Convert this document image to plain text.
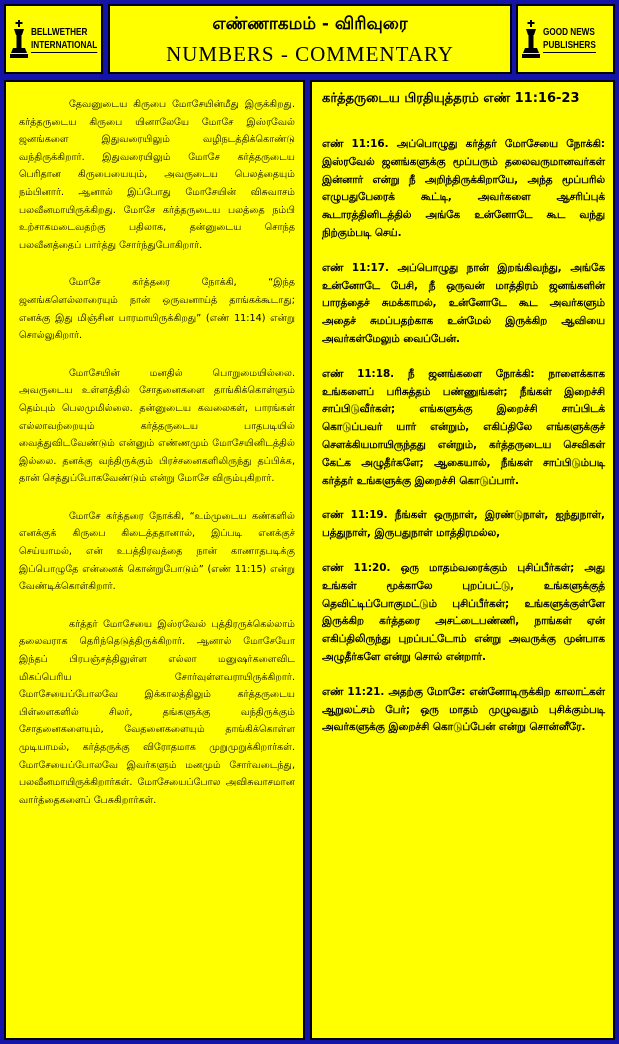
BELLWETHER
INTERNATIONAL
எண்ணாகமம் - விரிவுரை
NUMBERS - COMMENTARY
GOOD NEWS
PUBLISHERS

தேவனுடைய கிருபை மோசேயின்மீது இருக்கிறது. கர்த்தருடைய கிருபை யினாலேயே மோசே இஸ்ரவேல் ஜனங்களை இதுவரையிலும் வழிநடத்திக்கொண்டு வந்திருக்கிறார். இதுவரையிலும் மோசே கர்த்தருடைய பெரிதான கிருபையையும், அவருடைய பெலத்தையும் நம்பினார். ஆனால் இப்போது மோசேயின் விசுவாசம் பலவீனமாயிருக்கிறது. மோசே கர்த்தருடைய பலத்தை நம்பி உற்சாகமடைவதற்கு பதிலாக, தன்னுடைய சொந்த பலவீனத்தைப் பார்த்து சோர்ந்துபோகிறார்.

மோசே கர்த்தரை நோக்கி, “இந்த ஜனங்களெல்லாரையும் நான் ஒருவனாய்த் தாங்கக்கூடாது; எனக்கு இது மிஞ்சின பாரமாயிருக்கிறது” (எண் 11:14) என்று சொல்லுகிறார்.

மோசேயின் மனதில் பொறுமையில்லை. அவருடைய உள்ளத்தில் சோதனைகளை தாங்கிக்கொள்ளும் தெம்பும் பெலமுமில்லை. தன்னுடைய கவலைகள், பாரங்கள் எல்லாவற்றையும் கர்த்தருடைய பாதபடியில் வைத்துவிடவேண்டும் என்னும் எண்ணமும் மோசேயினிடத்தில் இல்லை. தனக்கு வந்திருக்கும் பிரச்சனைகளிலிருந்து தப்பிக்க, தான் செத்துப்போகவேண்டும் என்று மோசே விரும்புகிறார்.

மோசே கர்த்தரை நோக்கி, “உம்முடைய கண்களில் எனக்குக் கிருபை கிடைத்ததானால், இப்படி எனக்குச் செய்யாமல், என் உபத்திரவத்தை நான் காணாதபடிக்கு இப்பொழுதே என்னைக் கொன்றுபோடும்” (எண் 11:15) என்று வேண்டிக்கொள்கிறார்.

கர்த்தர் மோசேயை இஸ்ரவேல் புத்திரருக்கெல்லாம் தலைவராக தெரிந்தெடுத்திருக்கிறார். ஆனால் மோசேயோ இந்தப் பிரபஞ்சத்திலுள்ள எல்லா மனுஷர்களைவிட மிகப்பெரிய சோர்வுள்ளவராயிருக்கிறார். மோசேயைப்போலவே இக்காலத்திலும் கர்த்தருடைய பிள்ளைகளில் சிலர், தங்களுக்கு வந்திருக்கும் சோதனைகளையும், வேதனைகளையும் தாங்கிக்கொள்ள முடியாமல், கர்த்தருக்கு விரோதமாக முறுமுறுக்கிறார்கள். மோசேயைப்போலவே இவர்களும் மனமும் சோர்வடைந்து, பலவீனமாயிருக்கிறார்கள். மோசேயைப்போல அவிசுவாசமான வார்த்தைகளைப் பேசுகிறார்கள்.

கர்த்தருடைய பிரதியுத்தரம் எண் 11:16-23

எண் 11:16. அப்பொழுது கர்த்தர் மோசேயை நோக்கி: இஸ்ரவேல் ஜனங்களுக்கு மூப்பரும் தலைவருமானவர்கள் இன்னார் என்று நீ அறிந்திருக்கிறாயே, அந்த மூப்பரில் எழுபதுபேரைக் கூட்டி, அவர்களை ஆசரிப்புக் கூடாரத்தினிடத்தில் அங்கே உன்னோடே கூட வந்து நிற்கும்படி செய்.

எண் 11:17. அப்பொழுது நான் இறங்கிவந்து, அங்கே உன்னோடே பேசி, நீ ஒருவன் மாத்திரம் ஜனங்களின் பாரத்தைச் சுமக்காமல், உன்னோடே கூட அவர்களும் அதைச் சுமப்பதற்காக உன்மேல் இருக்கிற ஆவியை அவர்கள்மேலும் வைப்பேன்.

எண் 11:18. நீ ஜனங்களை நோக்கி: நாளைக்காக உங்களைப் பரிசுத்தம் பண்ணுங்கள்; நீங்கள் இறைச்சி சாப்பிடுவீர்கள்; எங்களுக்கு இறைச்சி சாப்பிடக் கொடுப்பவர் யார் என்றும், எகிப்திலே எங்களுக்குச் சௌக்கியமாயிருந்தது என்றும், கர்த்தருடைய செவிகள் கேட்க அழுதீர்களே; ஆகையால், நீங்கள் சாப்பிடும்படி கர்த்தர் உங்களுக்கு இறைச்சி கொடுப்பார்.

எண் 11:19. நீங்கள் ஒருநாள், இரண்டுநாள், ஐந்துநாள், பத்துநாள், இருபதுநாள் மாத்திரமல்ல,

எண் 11:20. ஒரு மாதம்வரைக்கும் புசிப்பீர்கள்; அது உங்கள் மூக்காலே புறப்பட்டு, உங்களுக்குத் தெவிட்டிப்போகுமட்டும் புசிப்பீர்கள்; உங்களுக்குள்ளே இருக்கிற கர்த்தரை அசட்டைபண்ணி, நாங்கள் ஏன் எகிப்திலிருந்து புறப்பட்டோம் என்று அவருக்கு முன்பாக அழுதீர்களே என்று சொல் என்றார்.

எண் 11:21. அதற்கு மோசே: என்னோடிருக்கிற காலாட்கள் ஆறுலட்சம் பேர்; ஒரு மாதம் முழுவதும் புசிக்கும்படி அவர்களுக்கு இறைச்சி கொடுப்பேன் என்று சொன்னீரே.
